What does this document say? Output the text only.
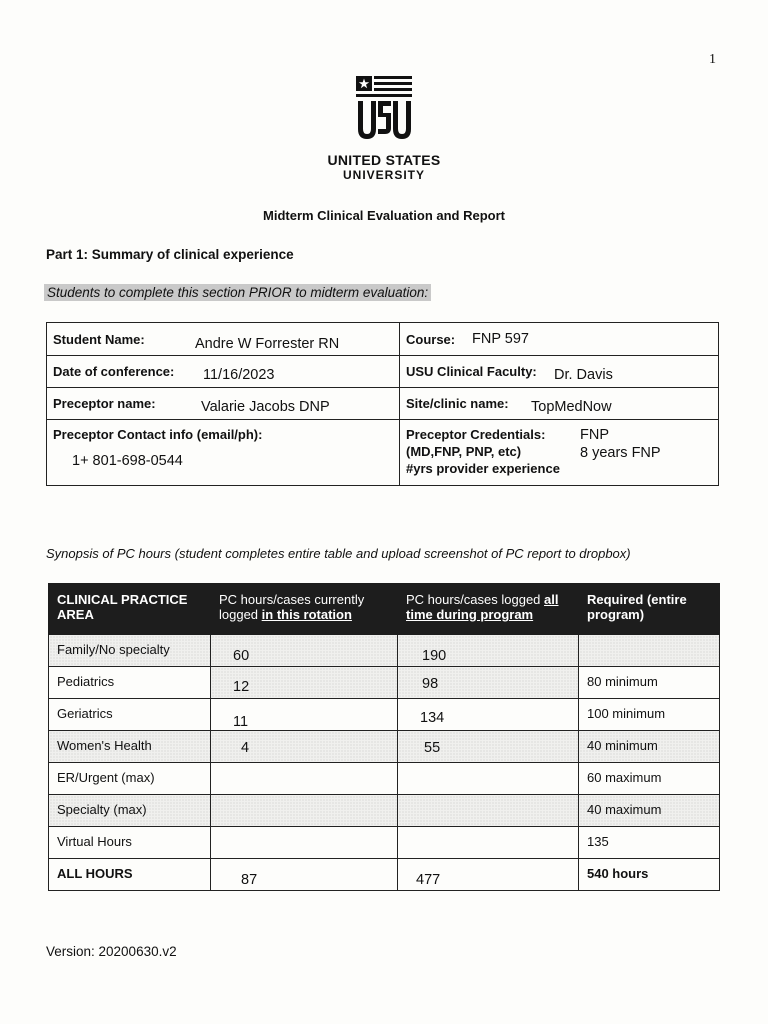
1
UNITED STATES
UNIVERSITY
Midterm Clinical Evaluation and Report
Part 1: Summary of clinical experience
Students to complete this section PRIOR to midterm evaluation:
Student Name: Andre W Forrester RN	Course: FNP 597

Date of conference: 11/16/2023	USU Clinical Faculty: Dr. Davis

Preceptor name: Valarie Jacobs DNP	Site/clinic name: TopMedNow

Preceptor Contact info (email/ph):
1+ 801-698-0544	Preceptor Credentials:
(MD,FNP, PNP, etc)
#yrs provider experience
FNP
8 years FNP
Synopsis of PC hours (student completes entire table and upload screenshot of PC report to dropbox)
CLINICAL PRACTICE
AREA	PC hours/cases currently logged in this rotation	PC hours/cases logged all time during program	Required (entire
program)

Family/No specialty	60	190	

Pediatrics	12	98	80 minimum

Geriatrics	11	134	100 minimum

Women's Health	4	55	40 minimum

ER/Urgent (max)			60 maximum

Specialty (max)			40 maximum

Virtual Hours			135

ALL HOURS	87	477	540 hours
Version: 20200630.v2
